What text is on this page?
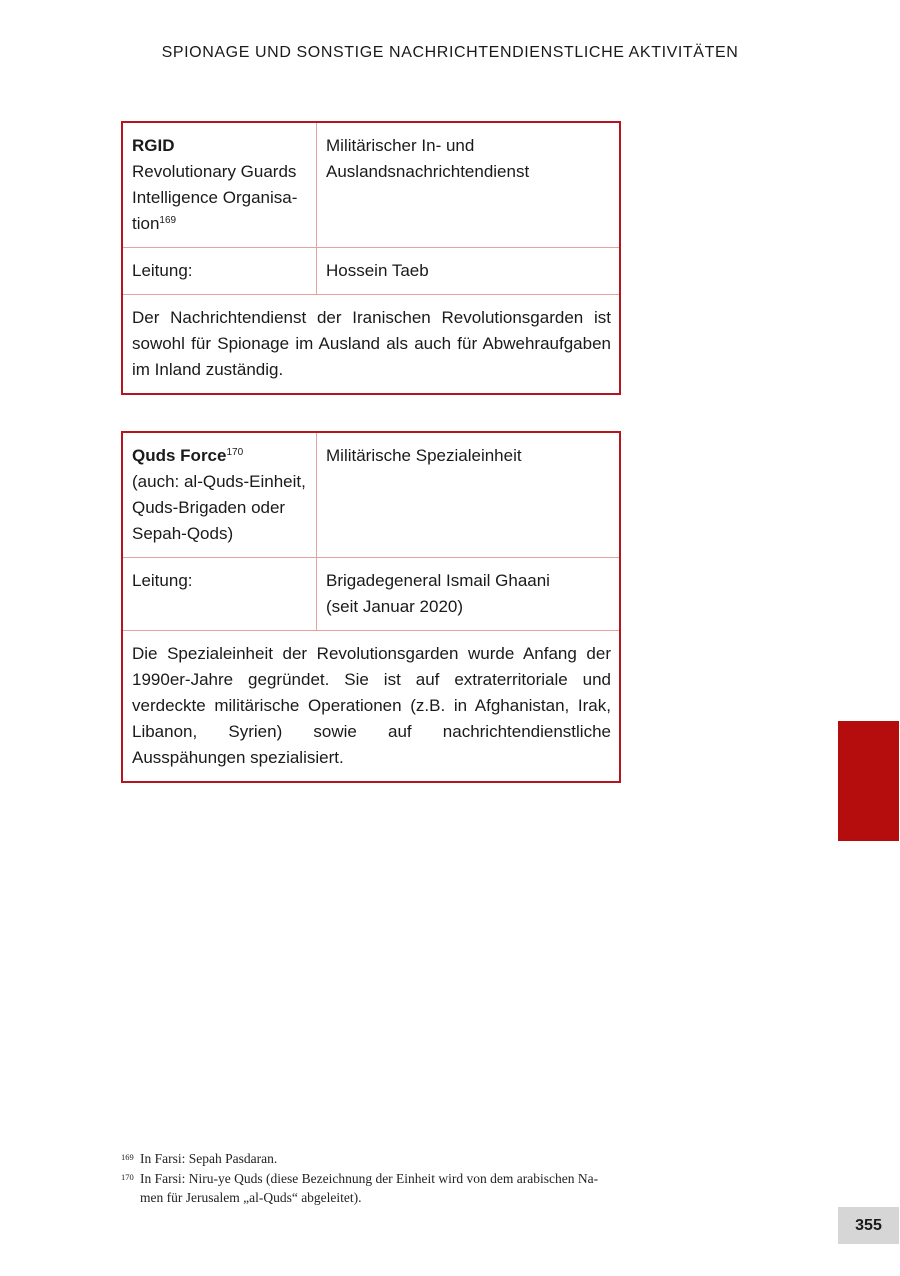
SPIONAGE UND SONSTIGE NACHRICHTENDIENSTLICHE AKTIVITÄTEN
RGID
Revolutionary Guards
Intelligence Organisa-
tion$^{169}$	Militärischer In- und
Auslandsnachrichtendienst
Leitung:	Hossein Taeb
Der Nachrichtendienst der Iranischen Revolutionsgarden ist sowohl für Spionage im Ausland als auch für Abwehraufgaben im Inland zuständig.	
Quds Force$^{170}$
(auch: al-Quds-Einheit,
Quds-Brigaden oder
Sepah-Qods)	Militärische Spezialeinheit
Leitung:	Brigadegeneral Ismail Ghaani
(seit Januar 2020)
Die Spezialeinheit der Revolutionsgarden wurde Anfang der 1990er-Jahre gegründet. Sie ist auf extraterritoriale und verdeckte militärische Operationen (z.B. in Afghanistan, Irak, Libanon, Syrien) sowie auf nachrichtendienstliche Ausspähungen spezialisiert.	
169 In Farsi: Sepah Pasdaran.
170 In Farsi: Niru-ye Quds (diese Bezeichnung der Einheit wird von dem arabischen Na-
men für Jerusalem „al-Quds“ abgeleitet).
355
